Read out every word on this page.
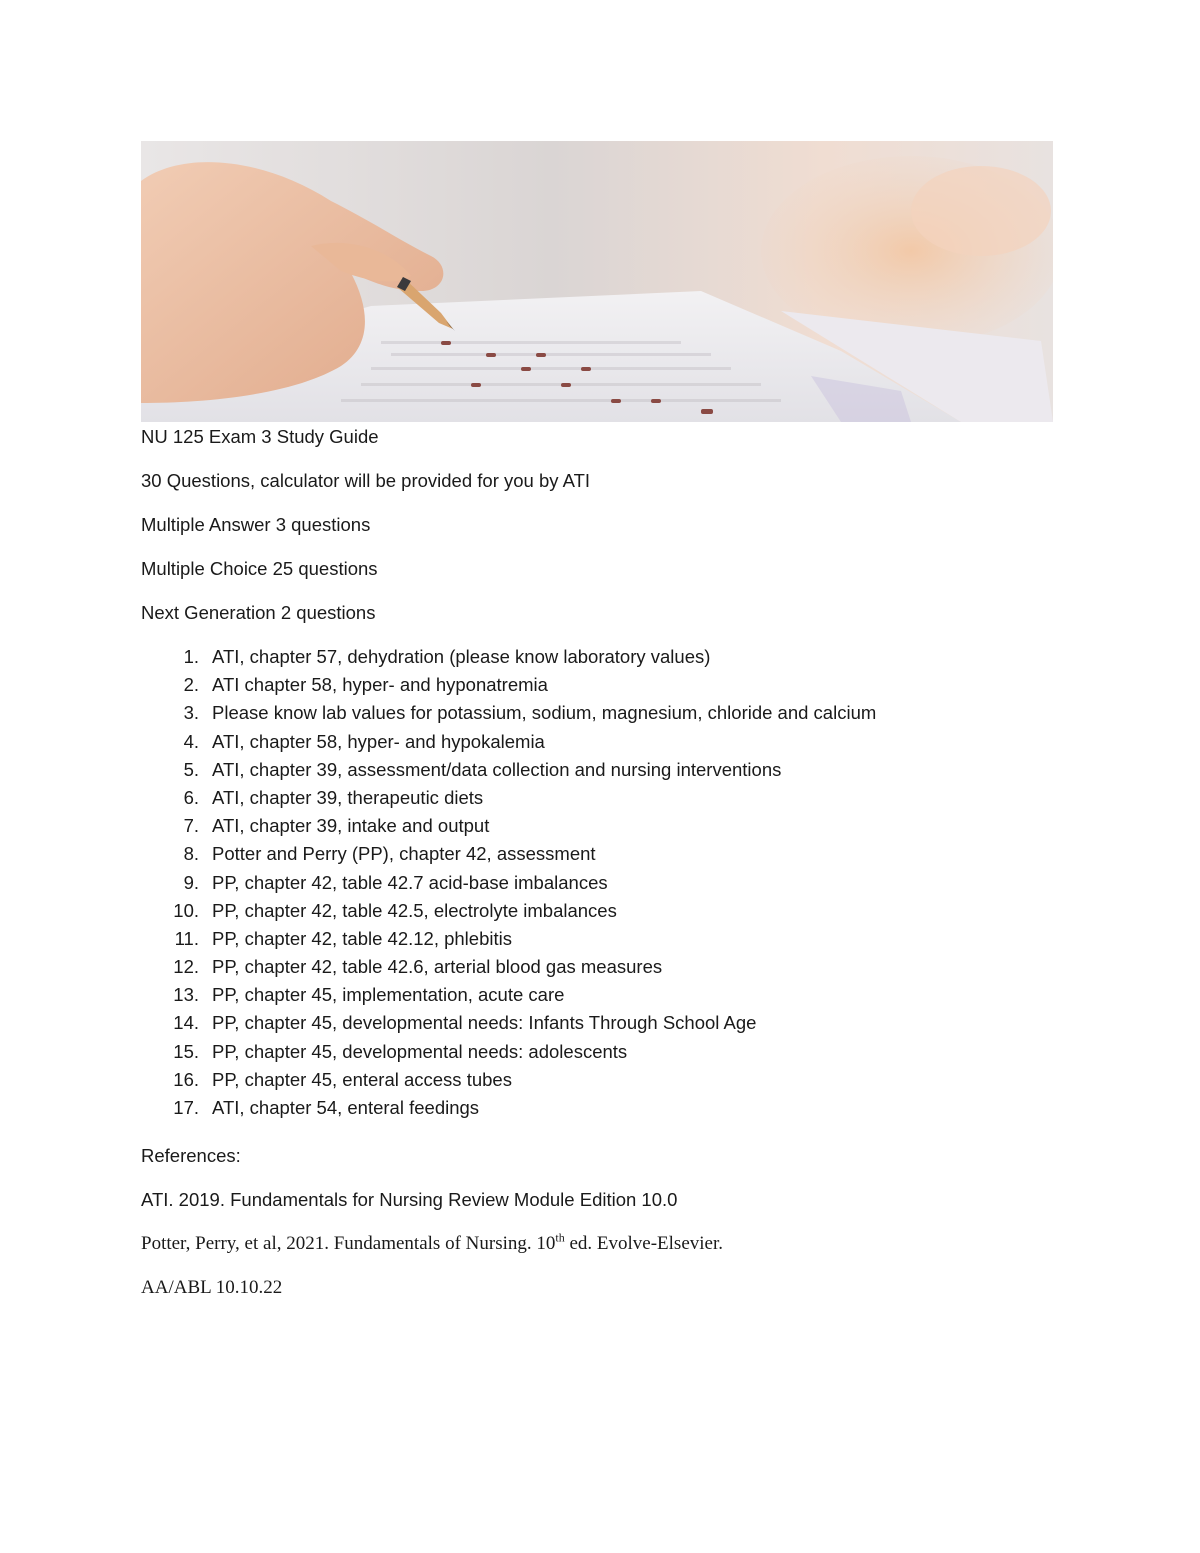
NU 125 Exam 3 Study Guide
30 Questions, calculator will be provided for you by ATI
Multiple Answer 3 questions
Multiple Choice 25 questions
Next Generation 2 questions
1. ATI, chapter 57, dehydration (please know laboratory values)
2. ATI chapter 58, hyper- and hyponatremia
3. Please know lab values for potassium, sodium, magnesium, chloride and calcium
4. ATI, chapter 58, hyper- and hypokalemia
5. ATI, chapter 39, assessment/data collection and nursing interventions
6. ATI, chapter 39, therapeutic diets
7. ATI, chapter 39, intake and output
8. Potter and Perry (PP), chapter 42, assessment
9. PP, chapter 42, table 42.7 acid-base imbalances
10. PP, chapter 42, table 42.5, electrolyte imbalances
11. PP, chapter 42, table 42.12, phlebitis
12. PP, chapter 42, table 42.6, arterial blood gas measures
13. PP, chapter 45, implementation, acute care
14. PP, chapter 45, developmental needs: Infants Through School Age
15. PP, chapter 45, developmental needs: adolescents
16. PP, chapter 45, enteral access tubes
17. ATI, chapter 54, enteral feedings
References:
ATI. 2019. Fundamentals for Nursing Review Module Edition 10.0
Potter, Perry, et al, 2021. Fundamentals of Nursing. 10th ed. Evolve-Elsevier.
AA/ABL 10.10.22
